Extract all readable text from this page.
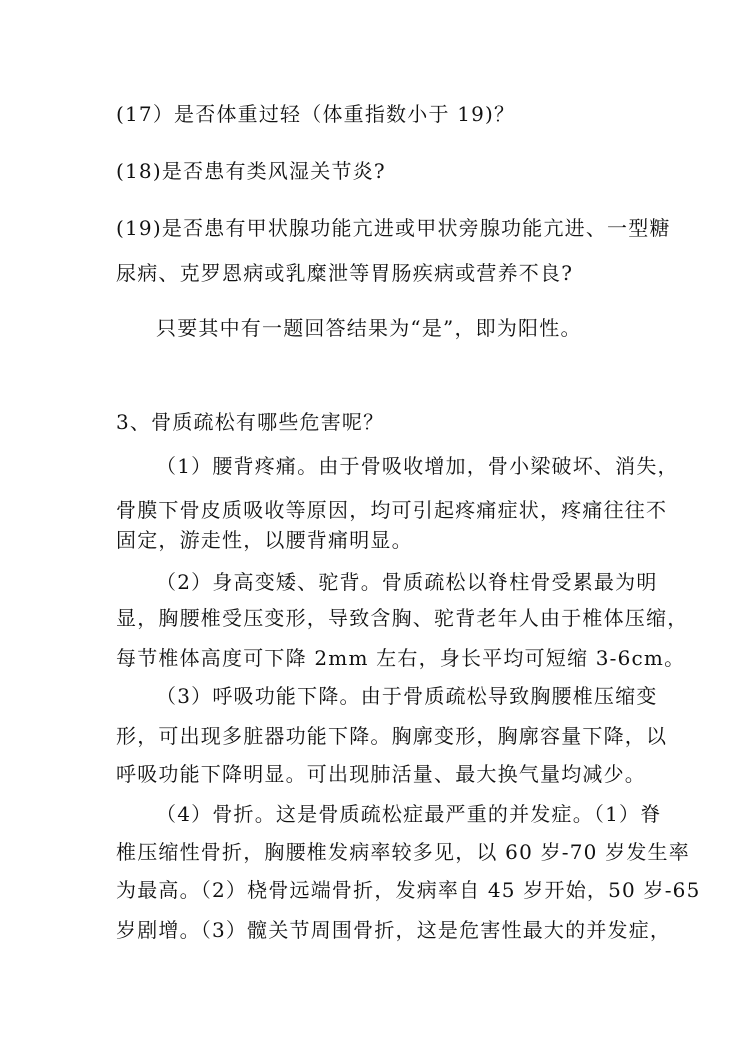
(17）是否体重过轻（体重指数小于 19)？
(18)是否患有类风湿关节炎?
(19)是否患有甲状腺功能亢进或甲状旁腺功能亢进、一型糖
尿病、克罗恩病或乳糜泄等胃肠疾病或营养不良?
只要其中有一题回答结果为“是”，即为阳性。
3、骨质疏松有哪些危害呢？
（1）腰背疼痛。由于骨吸收增加，骨小梁破坏、消失，
骨膜下骨皮质吸收等原因，均可引起疼痛症状，疼痛往往不
固定，游走性，以腰背痛明显。
（2）身高变矮、驼背。骨质疏松以脊柱骨受累最为明
显，胸腰椎受压变形，导致含胸、驼背老年人由于椎体压缩，
每节椎体高度可下降 2mm 左右，身长平均可短缩 3-6cm。
（3）呼吸功能下降。由于骨质疏松导致胸腰椎压缩变
形，可出现多脏器功能下降。胸廓变形，胸廓容量下降，以
呼吸功能下降明显。可出现肺活量、最大换气量均减少。
（4）骨折。这是骨质疏松症最严重的并发症。（1）脊
椎压缩性骨折，胸腰椎发病率较多见，以 60 岁-70 岁发生率
为最高。（2）桡骨远端骨折，发病率自 45 岁开始，50 岁-65
岁剧增。（3）髋关节周围骨折，这是危害性最大的并发症，
